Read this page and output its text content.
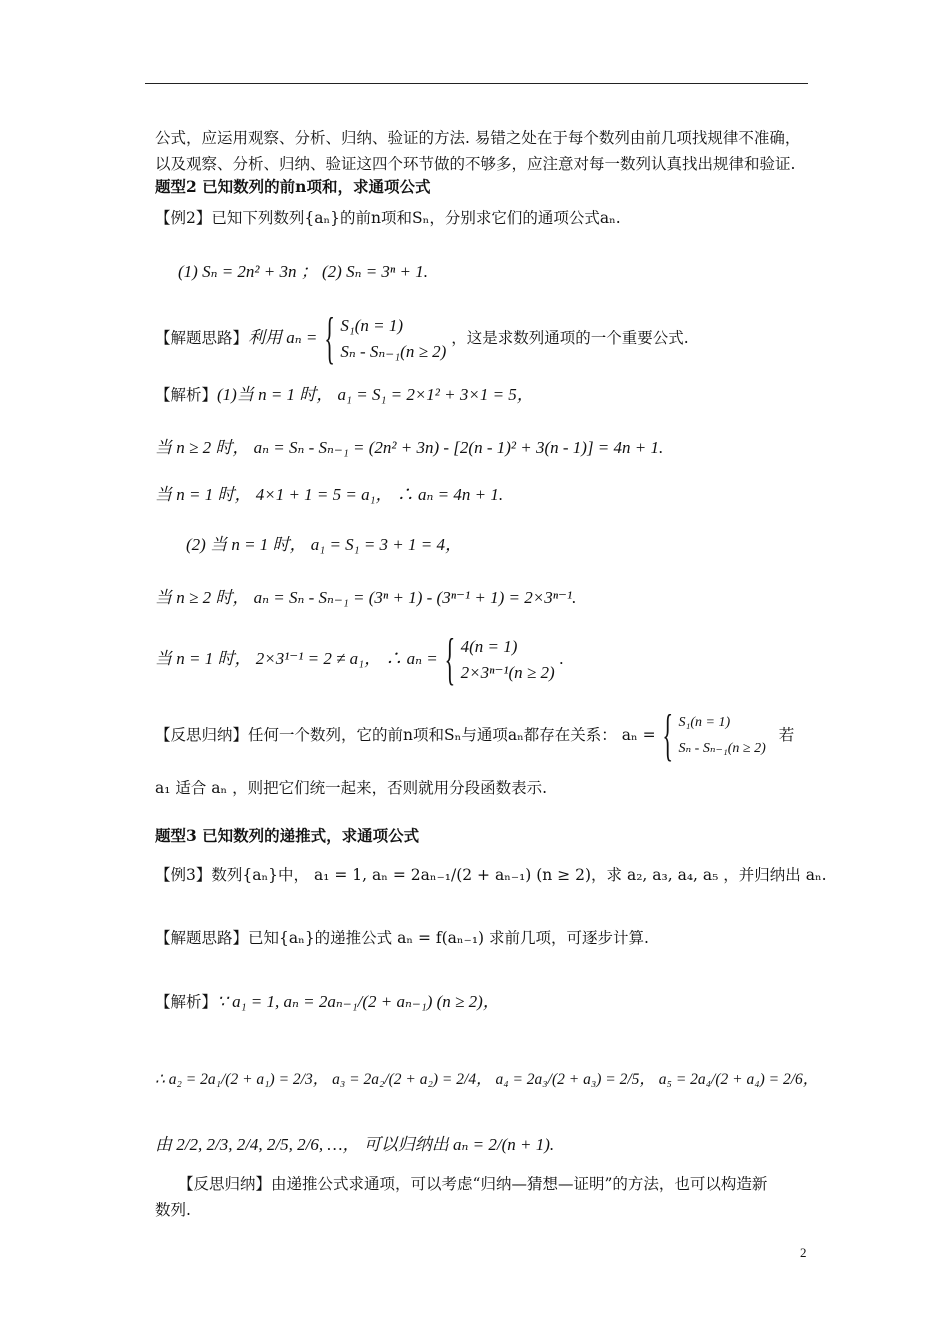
公式，应运用观察、分析、归纳、验证的方法. 易错之处在于每个数列由前几项找规律不准确，
以及观察、分析、归纳、验证这四个环节做的不够多，应注意对每一数列认真找出规律和验证.
题型2 已知数列的前n项和，求通项公式
【例2】已知下列数列{aₙ}的前n项和Sₙ，分别求它们的通项公式aₙ.
(1) Sₙ = 2n² + 3n ； (2) Sₙ = 3ⁿ + 1.
【解题思路】利用 aₙ =
{ S₁(n = 1)
Sₙ - Sₙ₋₁(n ≥ 2)
，这是求数列通项的一个重要公式.
【解析】(1)当 n = 1 时， a₁ = S₁ = 2×1² + 3×1 = 5，
当 n ≥ 2 时， aₙ = Sₙ - Sₙ₋₁ = (2n² + 3n) - [2(n - 1)² + 3(n - 1)] = 4n + 1.
当 n = 1 时， 4×1 + 1 = 5 = a₁， ∴ aₙ = 4n + 1.
(2) 当 n = 1 时， a₁ = S₁ = 3 + 1 = 4，
当 n ≥ 2 时， aₙ = Sₙ - Sₙ₋₁ = (3ⁿ + 1) - (3ⁿ⁻¹ + 1) = 2×3ⁿ⁻¹.
当 n = 1 时， 2×3¹⁻¹ = 2 ≠ a₁， ∴ aₙ =
{ 4(n = 1)
2×3ⁿ⁻¹(n ≥ 2)
.
【反思归纳】任何一个数列，它的前n项和Sₙ与通项aₙ都存在关系： aₙ =
{ S₁(n = 1)
Sₙ - Sₙ₋₁(n ≥ 2)
若
a₁ 适合 aₙ ，则把它们统一起来，否则就用分段函数表示.
题型3 已知数列的递推式，求通项公式
【例3】数列{aₙ}中， a₁ = 1, aₙ = 2aₙ₋₁/(2 + aₙ₋₁) (n ≥ 2)，求 a₂, a₃, a₄, a₅ ，并归纳出 aₙ.
【解题思路】已知{aₙ}的递推公式 aₙ = f(aₙ₋₁) 求前几项，可逐步计算.
【解析】∵ a₁ = 1, aₙ = 2aₙ₋₁/(2 + aₙ₋₁) (n ≥ 2)，
∴ a₂ = 2a₁/(2 + a₁) = 2/3， a₃ = 2a₂/(2 + a₂) = 2/4， a₄ = 2a₃/(2 + a₃) = 2/5， a₅ = 2a₄/(2 + a₄) = 2/6，
由 2/2, 2/3, 2/4, 2/5, 2/6, …， 可以归纳出 aₙ = 2/(n + 1).
【反思归纳】由递推公式求通项，可以考虑“归纳—猜想—证明”的方法，也可以构造新
数列.
2
